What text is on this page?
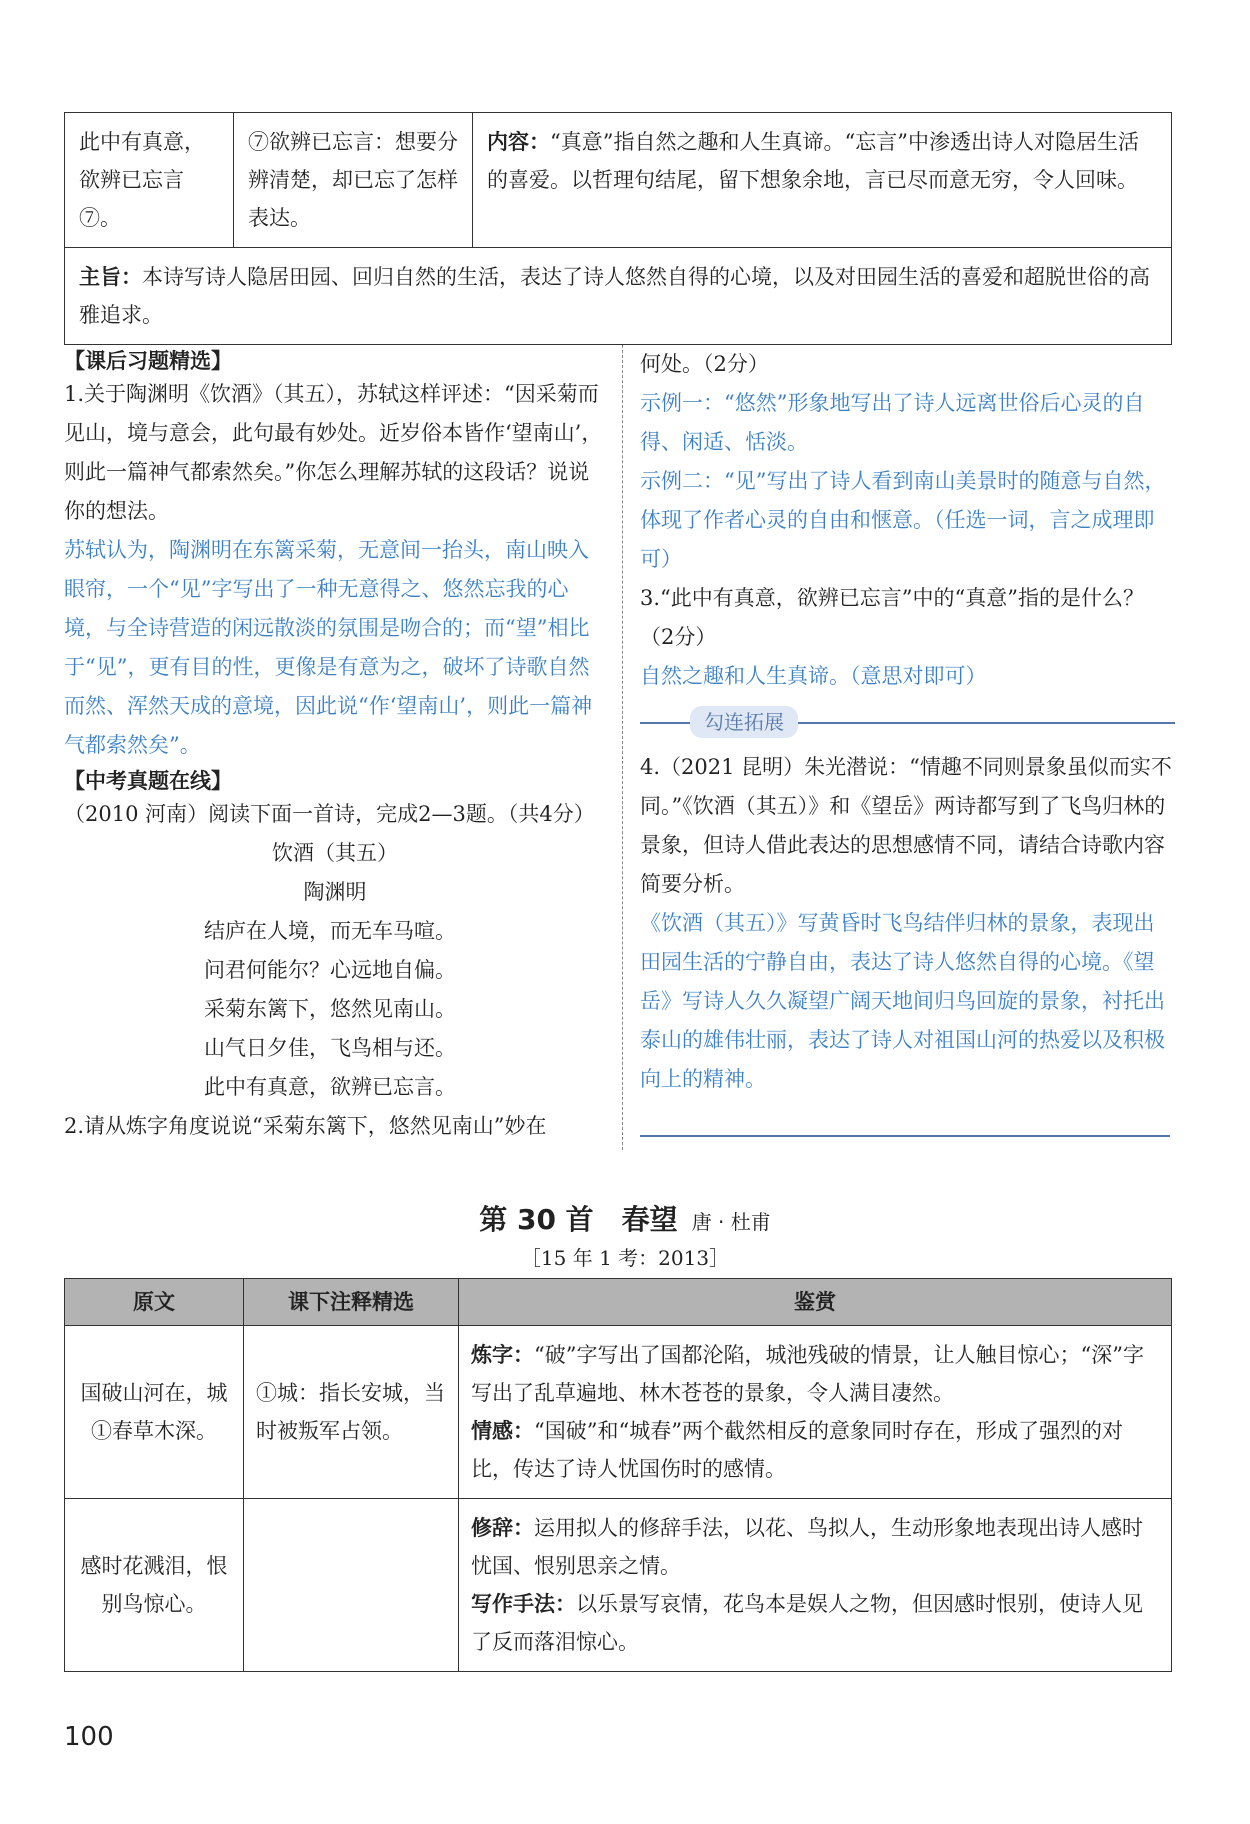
此中有真意，欲辨已忘言⑦。	⑦欲辨已忘言：想要分辨清楚，却已忘了怎样表达。	内容：“真意”指自然之趣和人生真谛。“忘言”中渗透出诗人对隐居生活的喜爱。以哲理句结尾，留下想象余地，言已尽而意无穷，令人回味。
主旨：本诗写诗人隐居田园、回归自然的生活，表达了诗人悠然自得的心境，以及对田园生活的喜爱和超脱世俗的高雅追求。
【课后习题精选】

1.关于陶渊明《饮酒》（其五），苏轼这样评述：“因采菊而见山，境与意会，此句最有妙处。近岁俗本皆作‘望南山’，则此一篇神气都索然矣。”你怎么理解苏轼的这段话？说说你的想法。

苏轼认为，陶渊明在东篱采菊，无意间一抬头，南山映入眼帘，一个“见”字写出了一种无意得之、悠然忘我的心境，与全诗营造的闲远散淡的氛围是吻合的；而“望”相比于“见”，更有目的性，更像是有意为之，破坏了诗歌自然而然、浑然天成的意境，因此说“作‘望南山’，则此一篇神气都索然矣”。

【中考真题在线】

（2010 河南）阅读下面一首诗，完成2—3题。（共4分）

饮酒（其五）
陶渊明
结庐在人境，而无车马喧。
问君何能尔？心远地自偏。
采菊东篱下，悠然见南山。
山气日夕佳，飞鸟相与还。
此中有真意，欲辨已忘言。

2.请从炼字角度说说“采菊东篱下，悠然见南山”妙在

何处。（2分）

示例一：“悠然”形象地写出了诗人远离世俗后心灵的自得、闲适、恬淡。

示例二：“见”写出了诗人看到南山美景时的随意与自然，体现了作者心灵的自由和惬意。（任选一词，言之成理即可）

3.“此中有真意，欲辨已忘言”中的“真意”指的是什么？（2分）

自然之趣和人生真谛。（意思对即可）

勾连拓展

4.（2021 昆明）朱光潜说：“情趣不同则景象虽似而实不同。”《饮酒（其五）》和《望岳》两诗都写到了飞鸟归林的景象，但诗人借此表达的思想感情不同，请结合诗歌内容简要分析。

《饮酒（其五）》写黄昏时飞鸟结伴归林的景象，表现出田园生活的宁静自由，表达了诗人悠然自得的心境。《望岳》写诗人久久凝望广阔天地间归鸟回旋的景象，衬托出泰山的雄伟壮丽，表达了诗人对祖国山河的热爱以及积极向上的精神。

第 30 首　春望 唐 · 杜甫
［15 年 1 考：2013］
原文	课下注释精选	鉴赏
国破山河在，城①春草木深。	①城：指长安城，当时被叛军占领。	炼字：“破”字写出了国都沦陷，城池残破的情景，让人触目惊心；“深”字写出了乱草遍地、林木苍苍的景象，令人满目凄然。
情感：“国破”和“城春”两个截然相反的意象同时存在，形成了强烈的对比，传达了诗人忧国伤时的感情。
感时花溅泪，恨别鸟惊心。		修辞：运用拟人的修辞手法，以花、鸟拟人，生动形象地表现出诗人感时忧国、恨别思亲之情。
写作手法：以乐景写哀情，花鸟本是娱人之物，但因感时恨别，使诗人见了反而落泪惊心。
100
